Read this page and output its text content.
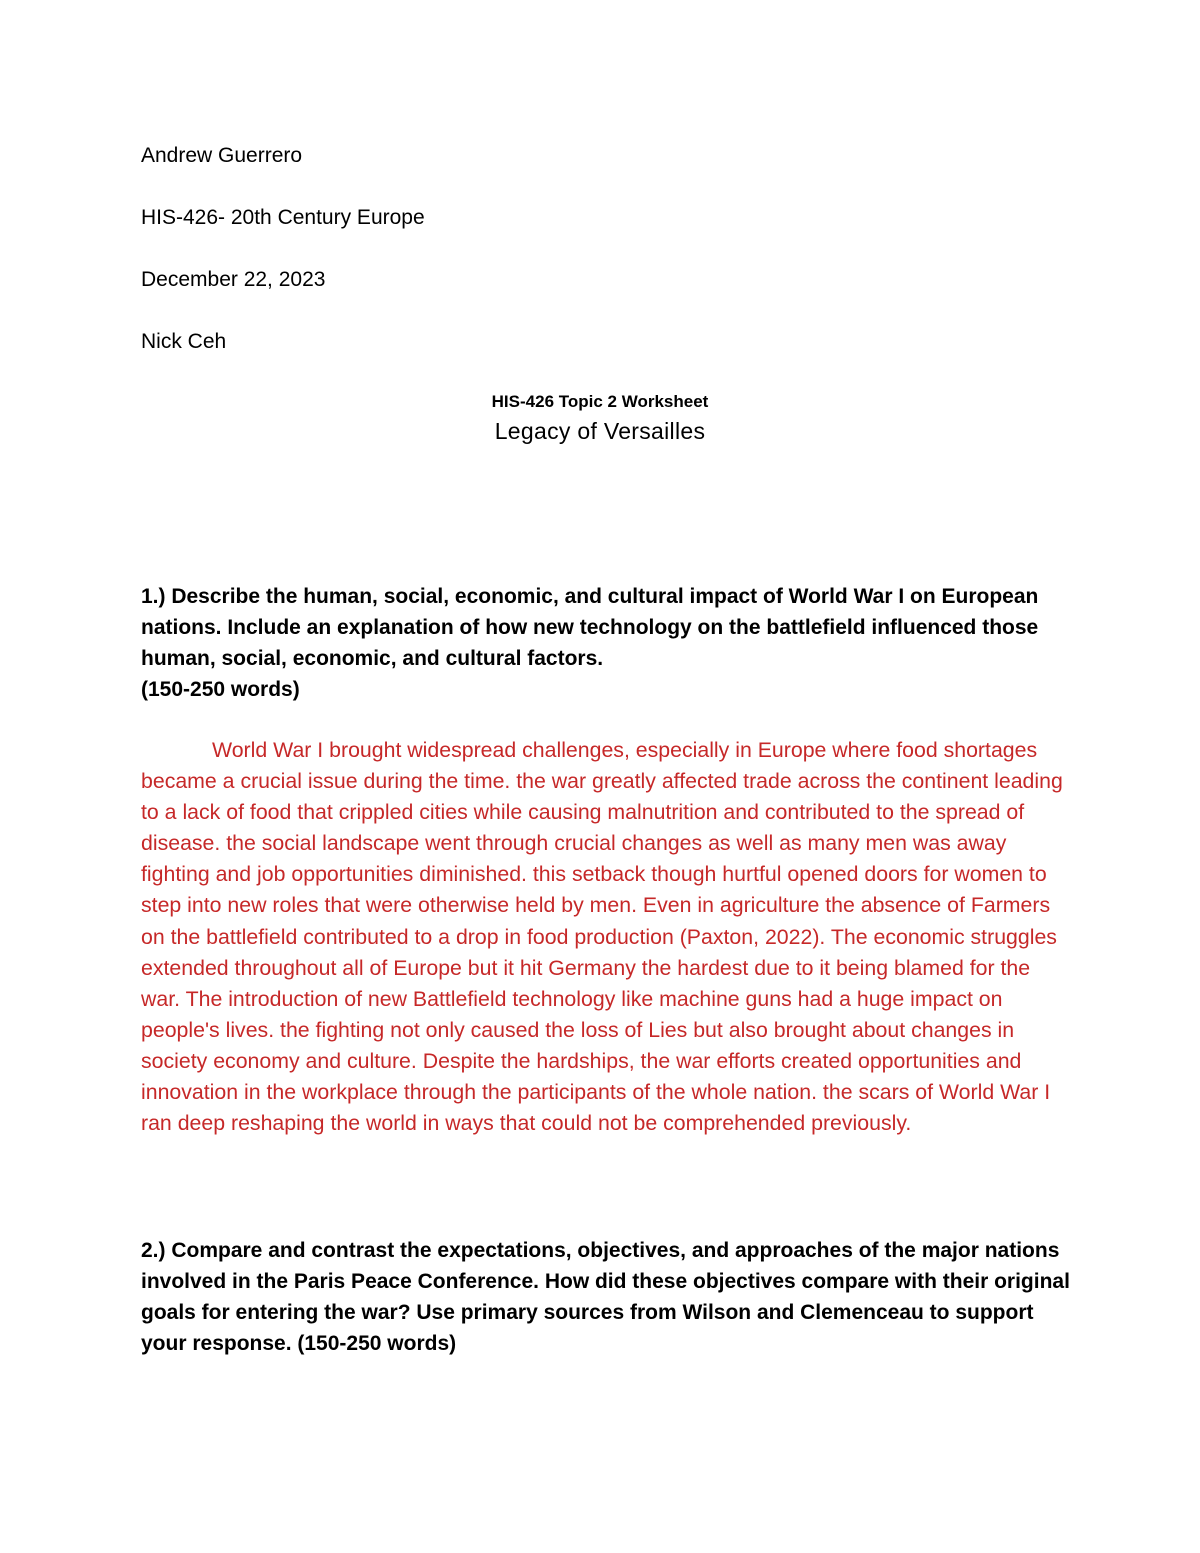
Andrew Guerrero

HIS-426- 20th Century Europe

December 22, 2023

Nick Ceh

HIS-426 Topic 2 Worksheet

Legacy of Versailles

1.) Describe the human, social, economic, and cultural impact of World War I on European nations. Include an explanation of how new technology on the battlefield influenced those human, social, economic, and cultural factors.
(150-250 words)

World War I brought widespread challenges, especially in Europe where food shortages became a crucial issue during the time. the war greatly affected trade across the continent leading to a lack of food that crippled cities while causing malnutrition and contributed to the spread of disease. the social landscape went through crucial changes as well as many men was away fighting and job opportunities diminished. this setback though hurtful opened doors for women to step into new roles that were otherwise held by men. Even in agriculture the absence of Farmers on the battlefield contributed to a drop in food production (Paxton, 2022). The economic struggles extended throughout all of Europe but it hit Germany the hardest due to it being blamed for the war. The introduction of new Battlefield technology like machine guns had a huge impact on people's lives. the fighting not only caused the loss of Lies but also brought about changes in society economy and culture. Despite the hardships, the war efforts created opportunities and innovation in the workplace through the participants of the whole nation. the scars of World War I ran deep reshaping the world in ways that could not be comprehended previously.

2.) Compare and contrast the expectations, objectives, and approaches of the major nations involved in the Paris Peace Conference. How did these objectives compare with their original goals for entering the war? Use primary sources from Wilson and Clemenceau to support your response. (150-250 words)
